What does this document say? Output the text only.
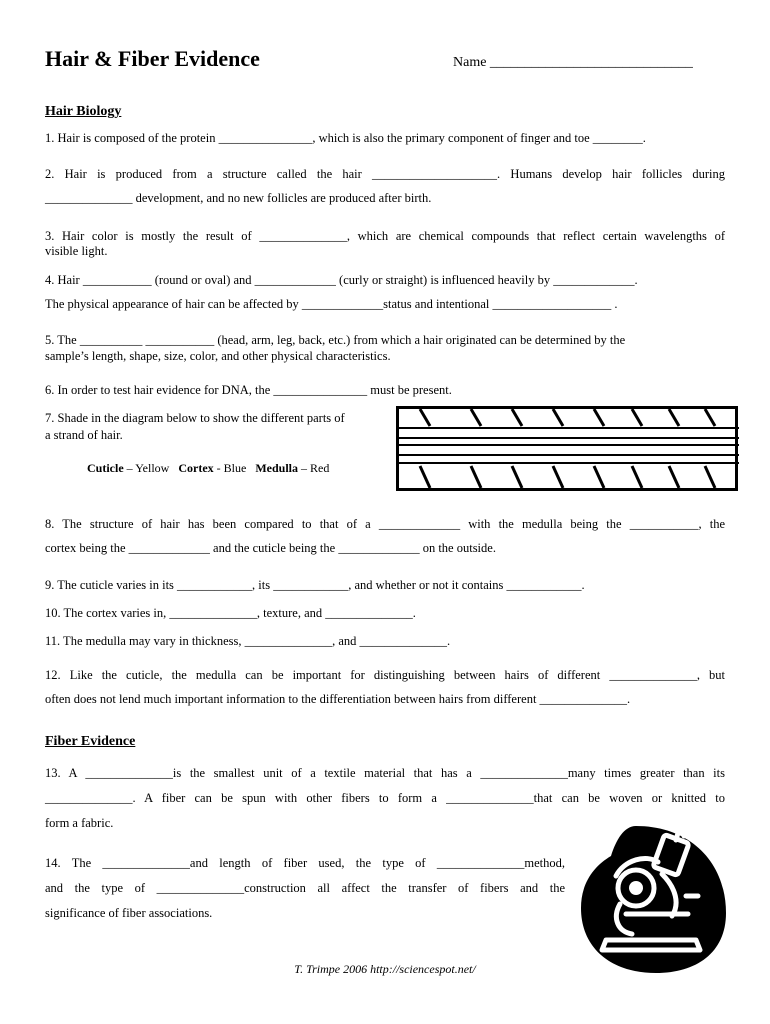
Hair & Fiber Evidence	Name _____________________________
Hair Biology
1. Hair is composed of the protein _______________, which is also the primary component of finger and toe ________.
2. Hair is produced from a structure called the hair ____________________. Humans develop hair follicles during
______________ development, and no new follicles are produced after birth.
3. Hair color is mostly the result of ______________, which are chemical compounds that reflect certain wavelengths of
visible light.
4. Hair ___________ (round or oval) and _____________ (curly or straight) is influenced heavily by _____________.
The physical appearance of hair can be affected by _____________status and intentional ___________________ .
5. The __________ ___________ (head, arm, leg, back, etc.) from which a hair originated can be determined by the
sample’s length, shape, size, color, and other physical characteristics.
6. In order to test hair evidence for DNA, the _______________ must be present.
7. Shade in the diagram below to show the different parts of
a strand of hair.
Cuticle – Yellow Cortex - Blue Medulla – Red
8. The structure of hair has been compared to that of a _____________ with the medulla being the ___________, the
cortex being the _____________ and the cuticle being the _____________ on the outside.
9. The cuticle varies in its ____________, its ____________, and whether or not it contains ____________.
10. The cortex varies in, ______________, texture, and ______________.
11. The medulla may vary in thickness, ______________, and ______________.
12. Like the cuticle, the medulla can be important for distinguishing between hairs of different ______________, but
often does not lend much important information to the differentiation between hairs from different ______________.
Fiber Evidence
13. A ______________is the smallest unit of a textile material that has a ______________many times greater than its
______________. A fiber can be spun with other fibers to form a ______________that can be woven or knitted to
form a fabric.
14. The ______________and length of fiber used, the type of ______________method,
and the type of ______________construction all affect the transfer of fibers and the
significance of fiber associations.
T. Trimpe 2006 http://sciencespot.net/
